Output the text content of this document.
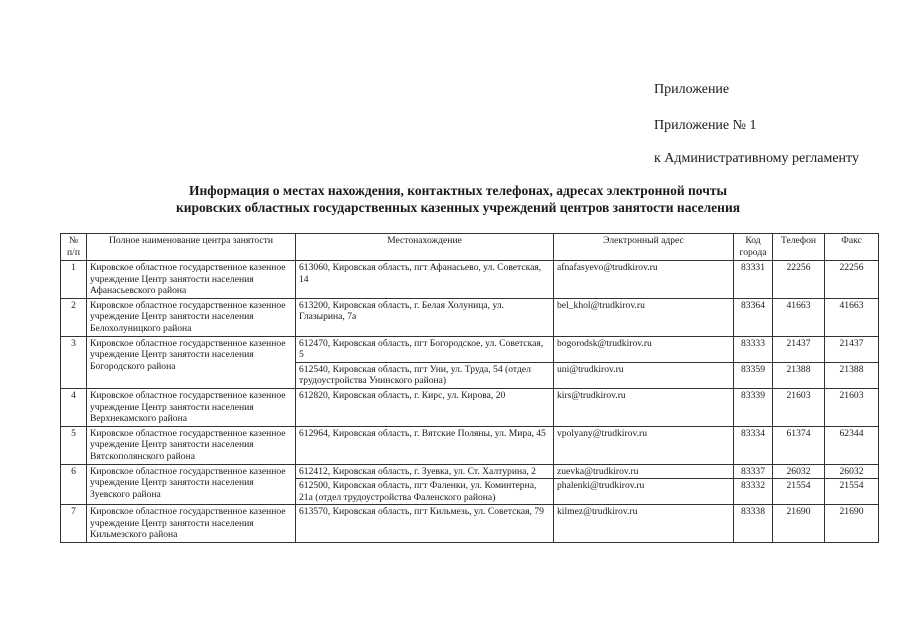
Приложение
Приложение № 1
к Административному регламенту
Информация о местах нахождения, контактных телефонах, адресах электронной почты
кировских областных государственных казенных учреждений центров занятости населения
№ п/п	Полное наименование центра занятости	Местонахождение	Электронный адрес	Код города	Телефон	Факс
1	Кировское областное государственное казенное учреждение Центр занятости населения Афанасьевского района	613060, Кировская область, пгт Афанасьево, ул. Советская, 14	afnafasyevo@trudkirov.ru	83331	22256	22256
2	Кировское областное государственное казенное учреждение Центр занятости населения Белохолуницкого района	613200, Кировская область, г. Белая Холуница, ул. Глазырина, 7а	bel_khol@trudkirov.ru	83364	41663	41663
3	Кировское областное государственное казенное учреждение Центр занятости населения Богородского района	612470, Кировская область, пгт Богородское, ул. Советская, 5	bogorodsk@trudkirov.ru	83333	21437	21437
		612540, Кировская область, пгт Уни, ул. Труда, 54 (отдел трудоустройства Унинского района)	uni@trudkirov.ru	83359	21388	21388
4	Кировское областное государственное казенное учреждение Центр занятости населения Верхнекамского района	612820, Кировская область, г. Кирс, ул. Кирова, 20	kirs@trudkirov.ru	83339	21603	21603
5	Кировское областное государственное казенное учреждение Центр занятости населения Вятскополянского района	612964, Кировская область, г. Вятские Поляны, ул. Мира, 45	vpolyany@trudkirov.ru	83334	61374	62344
6	Кировское областное государственное казенное учреждение Центр занятости населения Зуевского района	612412, Кировская область, г. Зуевка, ул. Ст. Халтурина, 2	zuevka@trudkirov.ru	83337	26032	26032
		612500, Кировская область, пгт Фаленки, ул. Коминтерна, 21а (отдел трудоустройства Фаленского района)	phalenki@trudkirov.ru	83332	21554	21554
7	Кировское областное государственное казенное учреждение Центр занятости населения Кильмезского района	613570, Кировская область, пгт Кильмезь, ул. Советская, 79	kilmez@trudkirov.ru	83338	21690	21690
